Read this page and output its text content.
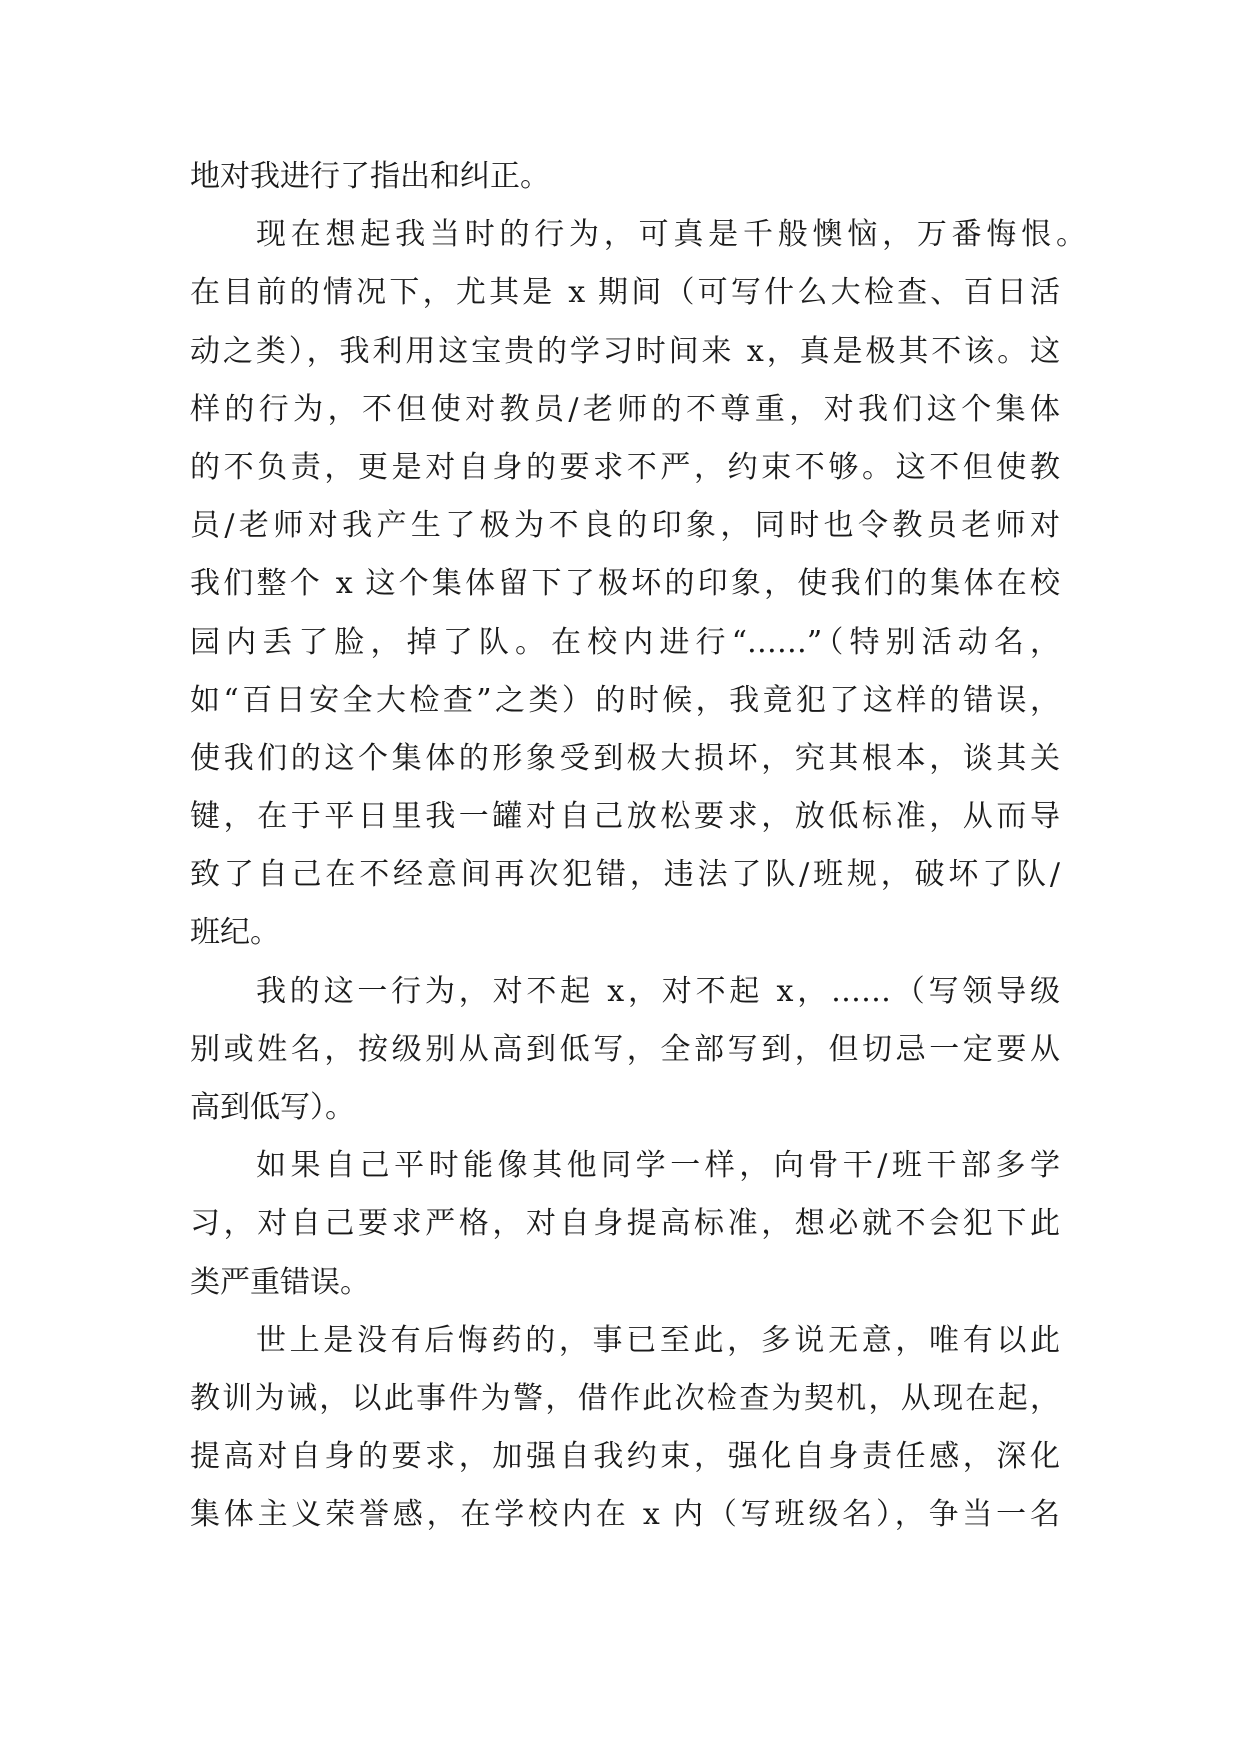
地对我进行了指出和纠正。
现在想起我当时的行为，可真是千般懊恼，万番悔恨。
在目前的情况下，尤其是 x 期间（可写什么大检查、百日活
动之类），我利用这宝贵的学习时间来 x，真是极其不该。这
样的行为，不但使对教员/老师的不尊重，对我们这个集体
的不负责，更是对自身的要求不严，约束不够。这不但使教
员/老师对我产生了极为不良的印象，同时也令教员老师对
我们整个 x 这个集体留下了极坏的印象，使我们的集体在校
园内丢了脸，掉了队。在校内进行“……”（特别活动名，
如“百日安全大检查”之类）的时候，我竟犯了这样的错误，
使我们的这个集体的形象受到极大损坏，究其根本，谈其关
键，在于平日里我一罐对自己放松要求，放低标准，从而导
致了自己在不经意间再次犯错，违法了队/班规，破坏了队/
班纪。
我的这一行为，对不起 x，对不起 x，……（写领导级
别或姓名，按级别从高到低写，全部写到，但切忌一定要从
高到低写）。
如果自己平时能像其他同学一样，向骨干/班干部多学
习，对自己要求严格，对自身提高标准，想必就不会犯下此
类严重错误。
世上是没有后悔药的，事已至此，多说无意，唯有以此
教训为诫，以此事件为警，借作此次检查为契机，从现在起，
提高对自身的要求，加强自我约束，强化自身责任感，深化
集体主义荣誉感，在学校内在 x 内（写班级名），争当一名
